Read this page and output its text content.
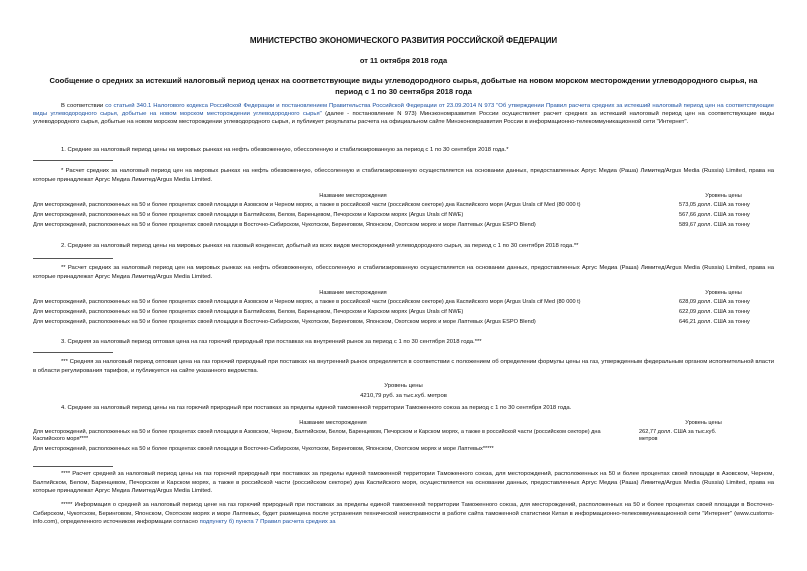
МИНИСТЕРСТВО ЭКОНОМИЧЕСКОГО РАЗВИТИЯ РОССИЙСКОЙ ФЕДЕРАЦИИ
от 11 октября 2018 года
Сообщение о средних за истекший налоговый период ценах на соответствующие виды углеводородного сырья, добытые на новом морском месторождении углеводородного сырья, на период с 1 по 30 сентября 2018 года
В соответствии со статьей 340.1 Налогового кодекса Российской Федерации и постановлением Правительства Российской Федерации от 23.09.2014 N 973 "Об утверждении Правил расчета средних за истекший налоговый период цен на соответствующие виды углеводородного сырья, добытые на новом морском месторождении углеводородного сырья" (далее - постановление N 973) Минэкономразвития России осуществляет расчет средних за истекший налоговый период цен на соответствующие виды углеводородного сырья, добытые на новом морском месторождении углеводородного сырья, и публикует результаты расчета на официальном сайте Минэкономразвития России в информационно-телекоммуникационной сети "Интернет".
1. Средние за налоговый период цены на мировых рынках на нефть обезвоженную, обессоленную и стабилизированную за период с 1 по 30 сентября 2018 года.*
* Расчет средних за налоговый период цен на мировых рынках на нефть обезвоженную, обессоленную и стабилизированную осуществляется на основании данных, предоставленных Аргус Медиа (Раша) Лимитед/Argus Media (Russia) Limited, права на которые принадлежат Аргус Медиа Лимитед/Argus Media Limited.
Название месторождения	Уровень цены
Для месторождений, расположенных на 50 и более процентах своей площади в Азовском и Черном морях, а также в российской части (российском секторе) дна Каспийского моря (Argus Urals cif Med (80 000 t)	573,05 долл. США за тонну
Для месторождений, расположенных на 50 и более процентах своей площади в Балтийском, Белом, Баренцевом, Печорском и Карском морях (Argus Urals cif NWE)	567,66 долл. США за тонну
Для месторождений, расположенных на 50 и более процентах своей площади в Восточно-Сибирском, Чукотском, Беринговом, Японском, Охотском морях и море Лаптевых (Argus ESPO Blend)	589,67 долл. США за тонну
2. Средние за налоговый период цены на мировых рынках на газовый конденсат, добытый из всех видов месторождений углеводородного сырья, за период с 1 по 30 сентября 2018 года.**
** Расчет средних за налоговый период цен на мировых рынках на нефть обезвоженную, обессоленную и стабилизированную осуществляется на основании данных, предоставленных Аргус Медиа (Раша) Лимитед/Argus Media (Russia) Limited, права на которые принадлежат Аргус Медиа Лимитед/Argus Media Limited.
Название месторождения	Уровень цены
Для месторождений, расположенных на 50 и более процентах своей площади в Азовском и Черном морях, а также в российской части (российском секторе) дна Каспийского моря (Argus Urals cif Med (80 000 t)	628,09 долл. США за тонну
Для месторождений, расположенных на 50 и более процентах своей площади в Балтийском, Белом, Баренцевом, Печорском и Карском морях (Argus Urals cif NWE)	622,09 долл. США за тонну
Для месторождений, расположенных на 50 и более процентах своей площади в Восточно-Сибирском, Чукотском, Беринговом, Японском, Охотском морях и море Лаптевых (Argus ESPO Blend)	646,21 долл. США за тонну
3. Средняя за налоговый период оптовая цена на газ горючий природный при поставках на внутренний рынок за период с 1 по 30 сентября 2018 года.***
*** Средняя за налоговый период оптовая цена на газ горючий природный при поставках на внутренний рынок определяется в соответствии с положением об определении формулы цены на газ, утвержденным федеральным органом исполнительной власти в области регулирования тарифов, и публикуется на сайте указанного ведомства.
Уровень цены
4210,79 руб. за тыс.куб. метров
4. Средние за налоговый период цены на газ горючий природный при поставках за пределы единой таможенной территории Таможенного союза за период с 1 по 30 сентября 2018 года.
Название месторождения	Уровень цены
Для месторождений, расположенных на 50 и более процентах своей площади в Азовском, Черном, Балтийском, Белом, Баренцевом, Печорском и Карском морях, а также в российской части (российском секторе) дна Каспийского моря****	262,77 долл. США за тыс.куб. метров
Для месторождений, расположенных на 50 и более процентах своей площади в Восточно-Сибирском, Чукотском, Беринговом, Японском, Охотском морях и море Лаптевых*****	
**** Расчет средней за налоговый период цены на газ горючий природный при поставках за пределы единой таможенной территории Таможенного союза, для месторождений, расположенных на 50 и более процентах своей площади в Азовском, Черном, Балтийском, Белом, Баренцевом, Печорском и Карском морях, а также в российской части (российском секторе) дна Каспийского моря, осуществляется на основании данных, предоставленных Аргус Медиа (Раша) Лимитед/Argus Media (Russia) Limited, права на которые принадлежат Аргус Медиа Лимитед/Argus Media Limited.
***** Информация о средней за налоговый период цене на газ горючий природный при поставках за пределы единой таможенной территории Таможенного союза, для месторождений, расположенных на 50 и более процентах своей площади в Восточно-Сибирском, Чукотском, Беринговом, Японском, Охотском морях и море Лаптевых, будет размещена после устранения технической неисправности в работе сайта таможенной статистики Китая в информационно-телекоммуникационной сети "Интернет" (www.customs-info.com), определенного источником информации согласно подпункту б) пункта 7 Правил расчета средних за
